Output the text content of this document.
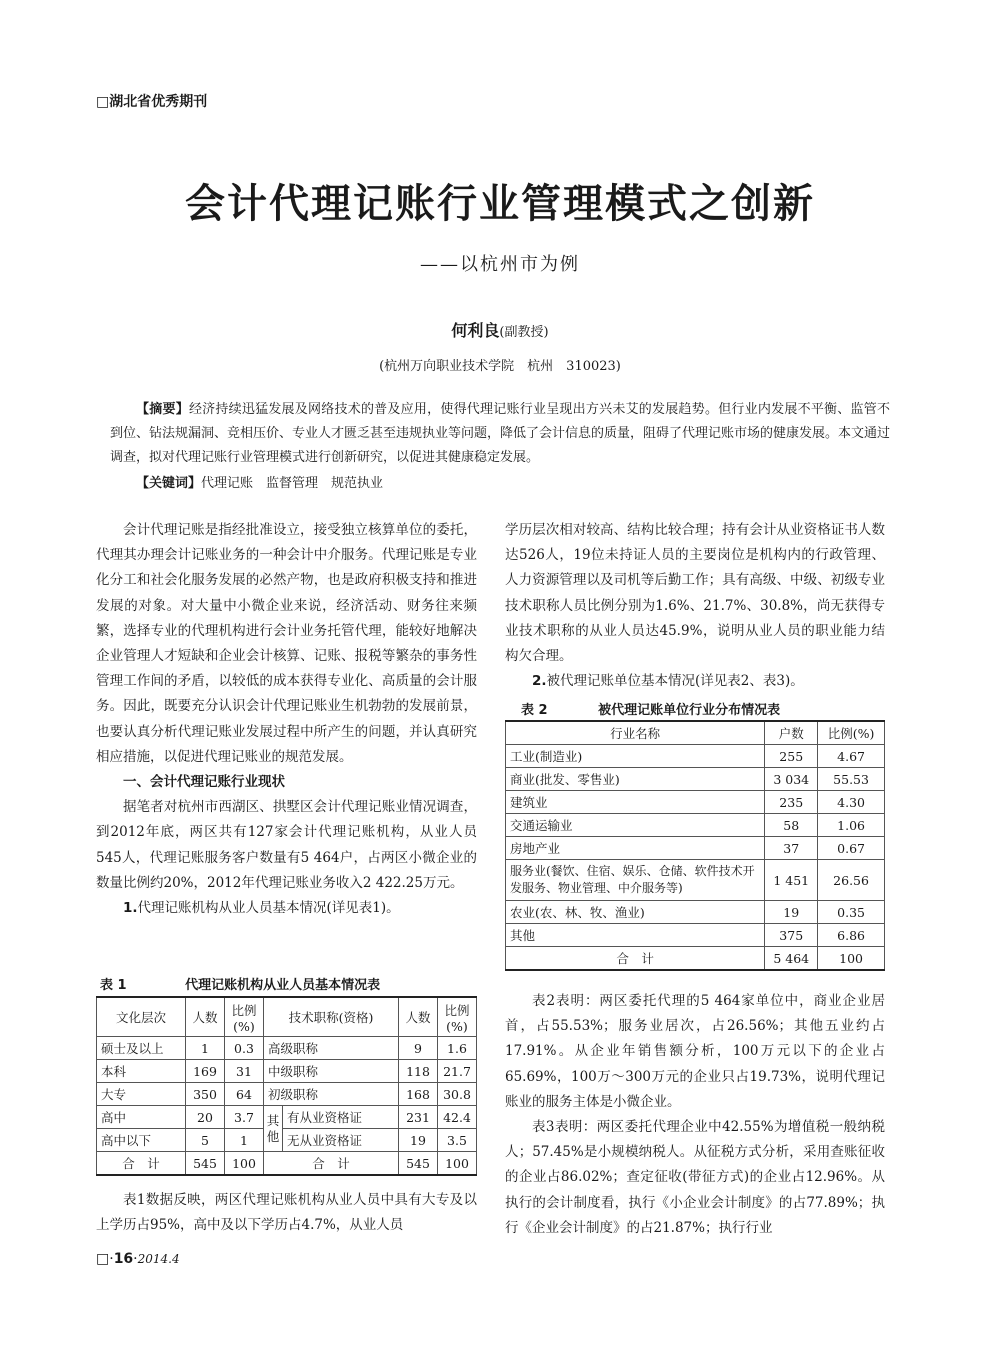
□湖北省优秀期刊
会计代理记账行业管理模式之创新
——以杭州市为例
何利良(副教授)
(杭州万向职业技术学院　杭州　310023)
【摘要】经济持续迅猛发展及网络技术的普及应用，使得代理记账行业呈现出方兴未艾的发展趋势。但行业内发展不平衡、监管不到位、钻法规漏洞、竞相压价、专业人才匮乏甚至违规执业等问题，降低了会计信息的质量，阻碍了代理记账市场的健康发展。本文通过调查，拟对代理记账行业管理模式进行创新研究，以促进其健康稳定发展。
【关键词】代理记账　监督管理　规范执业

会计代理记账是指经批准设立，接受独立核算单位的委托，代理其办理会计记账业务的一种会计中介服务。代理记账是专业化分工和社会化服务发展的必然产物，也是政府积极支持和推进发展的对象。对大量中小微企业来说，经济活动、财务往来频繁，选择专业的代理机构进行会计业务托管代理，能较好地解决企业管理人才短缺和企业会计核算、记账、报税等繁杂的事务性管理工作间的矛盾，以较低的成本获得专业化、高质量的会计服务。因此，既要充分认识会计代理记账业生机勃勃的发展前景，也要认真分析代理记账业发展过程中所产生的问题，并认真研究相应措施，以促进代理记账业的规范发展。

一、会计代理记账行业现状

据笔者对杭州市西湖区、拱墅区会计代理记账业情况调查，到2012年底，两区共有127家会计代理记账机构，从业人员545人，代理记账服务客户数量有5 464户，占两区小微企业的数量比例约20%，2012年代理记账业务收入2 422.25万元。

1.代理记账机构从业人员基本情况(详见表1)。

表 1	代理记账机构从业人员基本情况表
文化层次	人数	比例(%)	技术职称(资格)		人数	比例(%)
硕士及以上	1	0.3	高级职称		9	1.6
本科	169	31	中级职称		118	21.7
大专	350	64	初级职称		168	30.8
高中	20	3.7	其他	有从业资格证	231	42.4
高中以下	5	1		无从业资格证	19	3.5
合　计	545	100	合　计		545	100

表1数据反映，两区代理记账机构从业人员中具有大专及以上学历占95%，高中及以下学历占4.7%，从业人员

学历层次相对较高、结构比较合理；持有会计从业资格证书人数达526人，19位未持证人员的主要岗位是机构内的行政管理、人力资源管理以及司机等后勤工作；具有高级、中级、初级专业技术职称人员比例分别为1.6%、21.7%、30.8%，尚无获得专业技术职称的从业人员达45.9%，说明从业人员的职业能力结构欠合理。

2.被代理记账单位基本情况(详见表2、表3)。

表 2	被代理记账单位行业分布情况表
行业名称	户数	比例(%)
工业(制造业)	255	4.67
商业(批发、零售业)	3 034	55.53
建筑业	235	4.30
交通运输业	58	1.06
房地产业	37	0.67
服务业(餐饮、住宿、娱乐、仓储、软件技术开发服务、物业管理、中介服务等)	1 451	26.56
农业(农、林、牧、渔业)	19	0.35
其他	375	6.86
合　计	5 464	100

表2表明：两区委托代理的5 464家单位中，商业企业居首，占55.53%；服务业居次，占26.56%；其他五业约占17.91%。从企业年销售额分析，100万元以下的企业占65.69%，100万～300万元的企业只占19.73%，说明代理记账业的服务主体是小微企业。

表3表明：两区委托代理企业中42.55%为增值税一般纳税人；57.45%是小规模纳税人。从征税方式分析，采用查账征收的企业占86.02%；查定征收(带征方式)的企业占12.96%。从执行的会计制度看，执行《小企业会计制度》的占77.89%；执行《企业会计制度》的占21.87%；执行行业

□·16·2014.4
